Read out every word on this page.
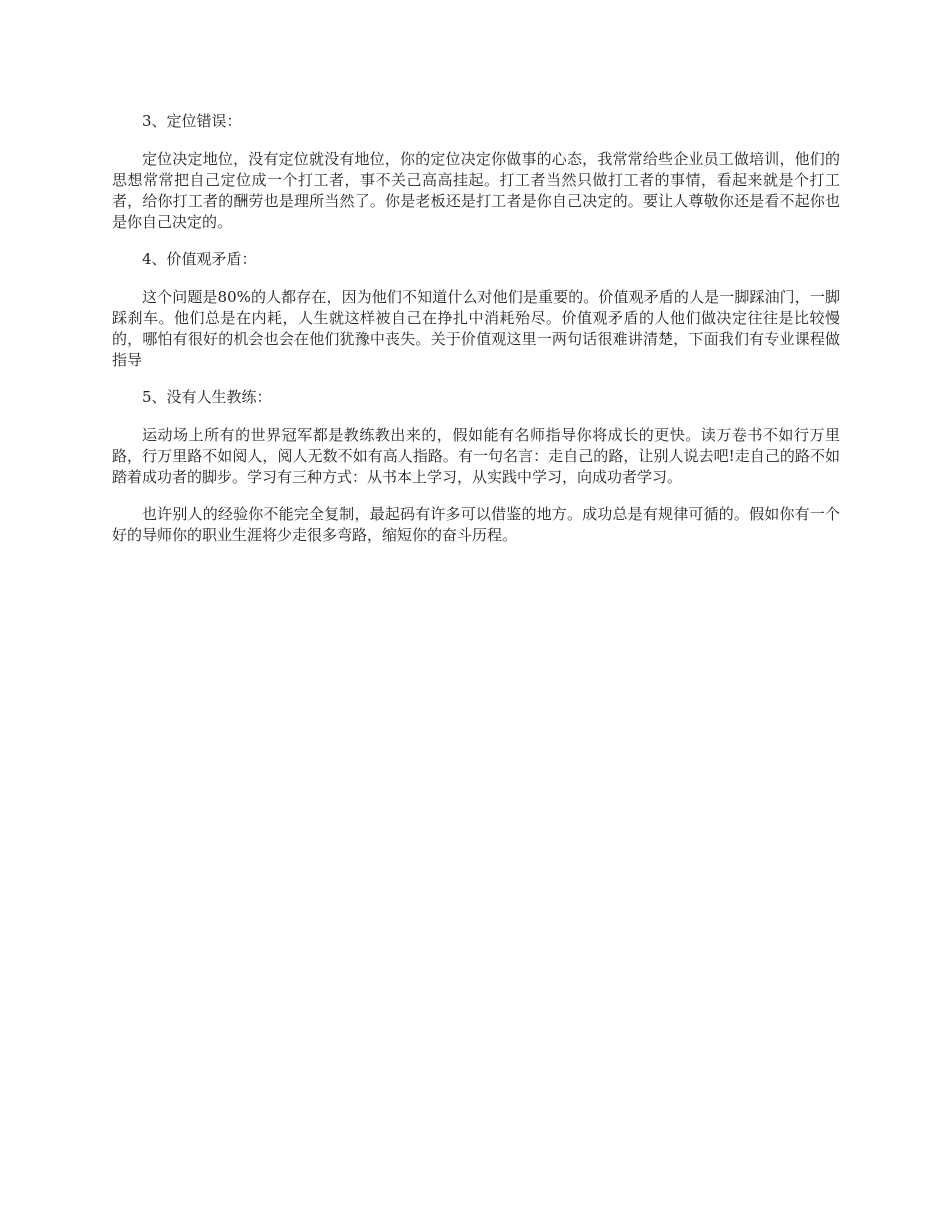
3、定位错误：

定位决定地位，没有定位就没有地位，你的定位决定你做事的心态，我常常给些企业员工做培训，他们的思想常常把自己定位成一个打工者，事不关己高高挂起。打工者当然只做打工者的事情，看起来就是个打工者，给你打工者的酬劳也是理所当然了。你是老板还是打工者是你自己决定的。要让人尊敬你还是看不起你也是你自己决定的。

4、价值观矛盾：

这个问题是80%的人都存在，因为他们不知道什么对他们是重要的。价值观矛盾的人是一脚踩油门，一脚踩刹车。他们总是在内耗，人生就这样被自己在挣扎中消耗殆尽。价值观矛盾的人他们做决定往往是比较慢的，哪怕有很好的机会也会在他们犹豫中丧失。关于价值观这里一两句话很难讲清楚，下面我们有专业课程做指导

5、没有人生教练：

运动场上所有的世界冠军都是教练教出来的，假如能有名师指导你将成长的更快。读万卷书不如行万里路，行万里路不如阅人，阅人无数不如有高人指路。有一句名言：走自己的路，让别人说去吧!走自己的路不如踏着成功者的脚步。学习有三种方式：从书本上学习，从实践中学习，向成功者学习。

也许别人的经验你不能完全复制，最起码有许多可以借鉴的地方。成功总是有规律可循的。假如你有一个好的导师你的职业生涯将少走很多弯路，缩短你的奋斗历程。
